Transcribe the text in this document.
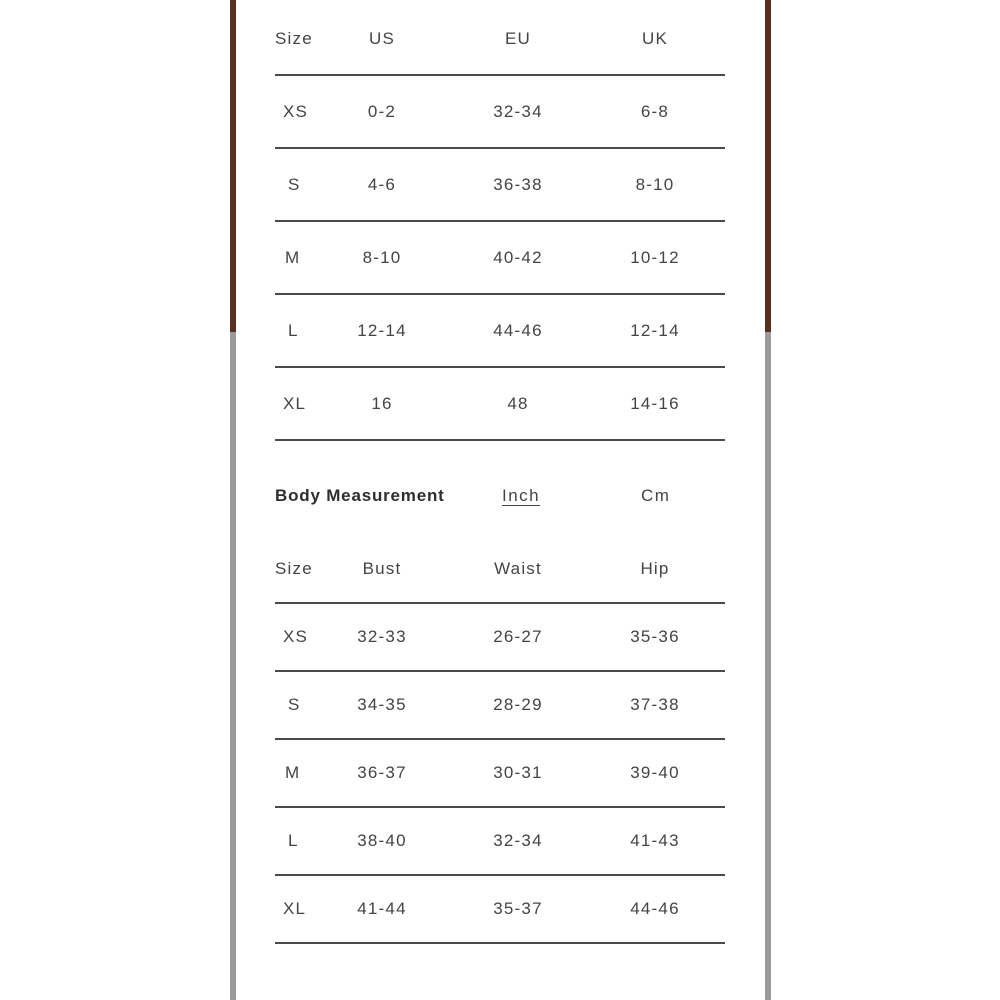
Size	US	EU	UK
XS	0-2	32-34	6-8
S	4-6	36-38	8-10
M	8-10	40-42	10-12
L	12-14	44-46	12-14
XL	16	48	14-16
Body Measurement	Inch	Cm
Size	Bust	Waist	Hip
XS	32-33	26-27	35-36
S	34-35	28-29	37-38
M	36-37	30-31	39-40
L	38-40	32-34	41-43
XL	41-44	35-37	44-46
